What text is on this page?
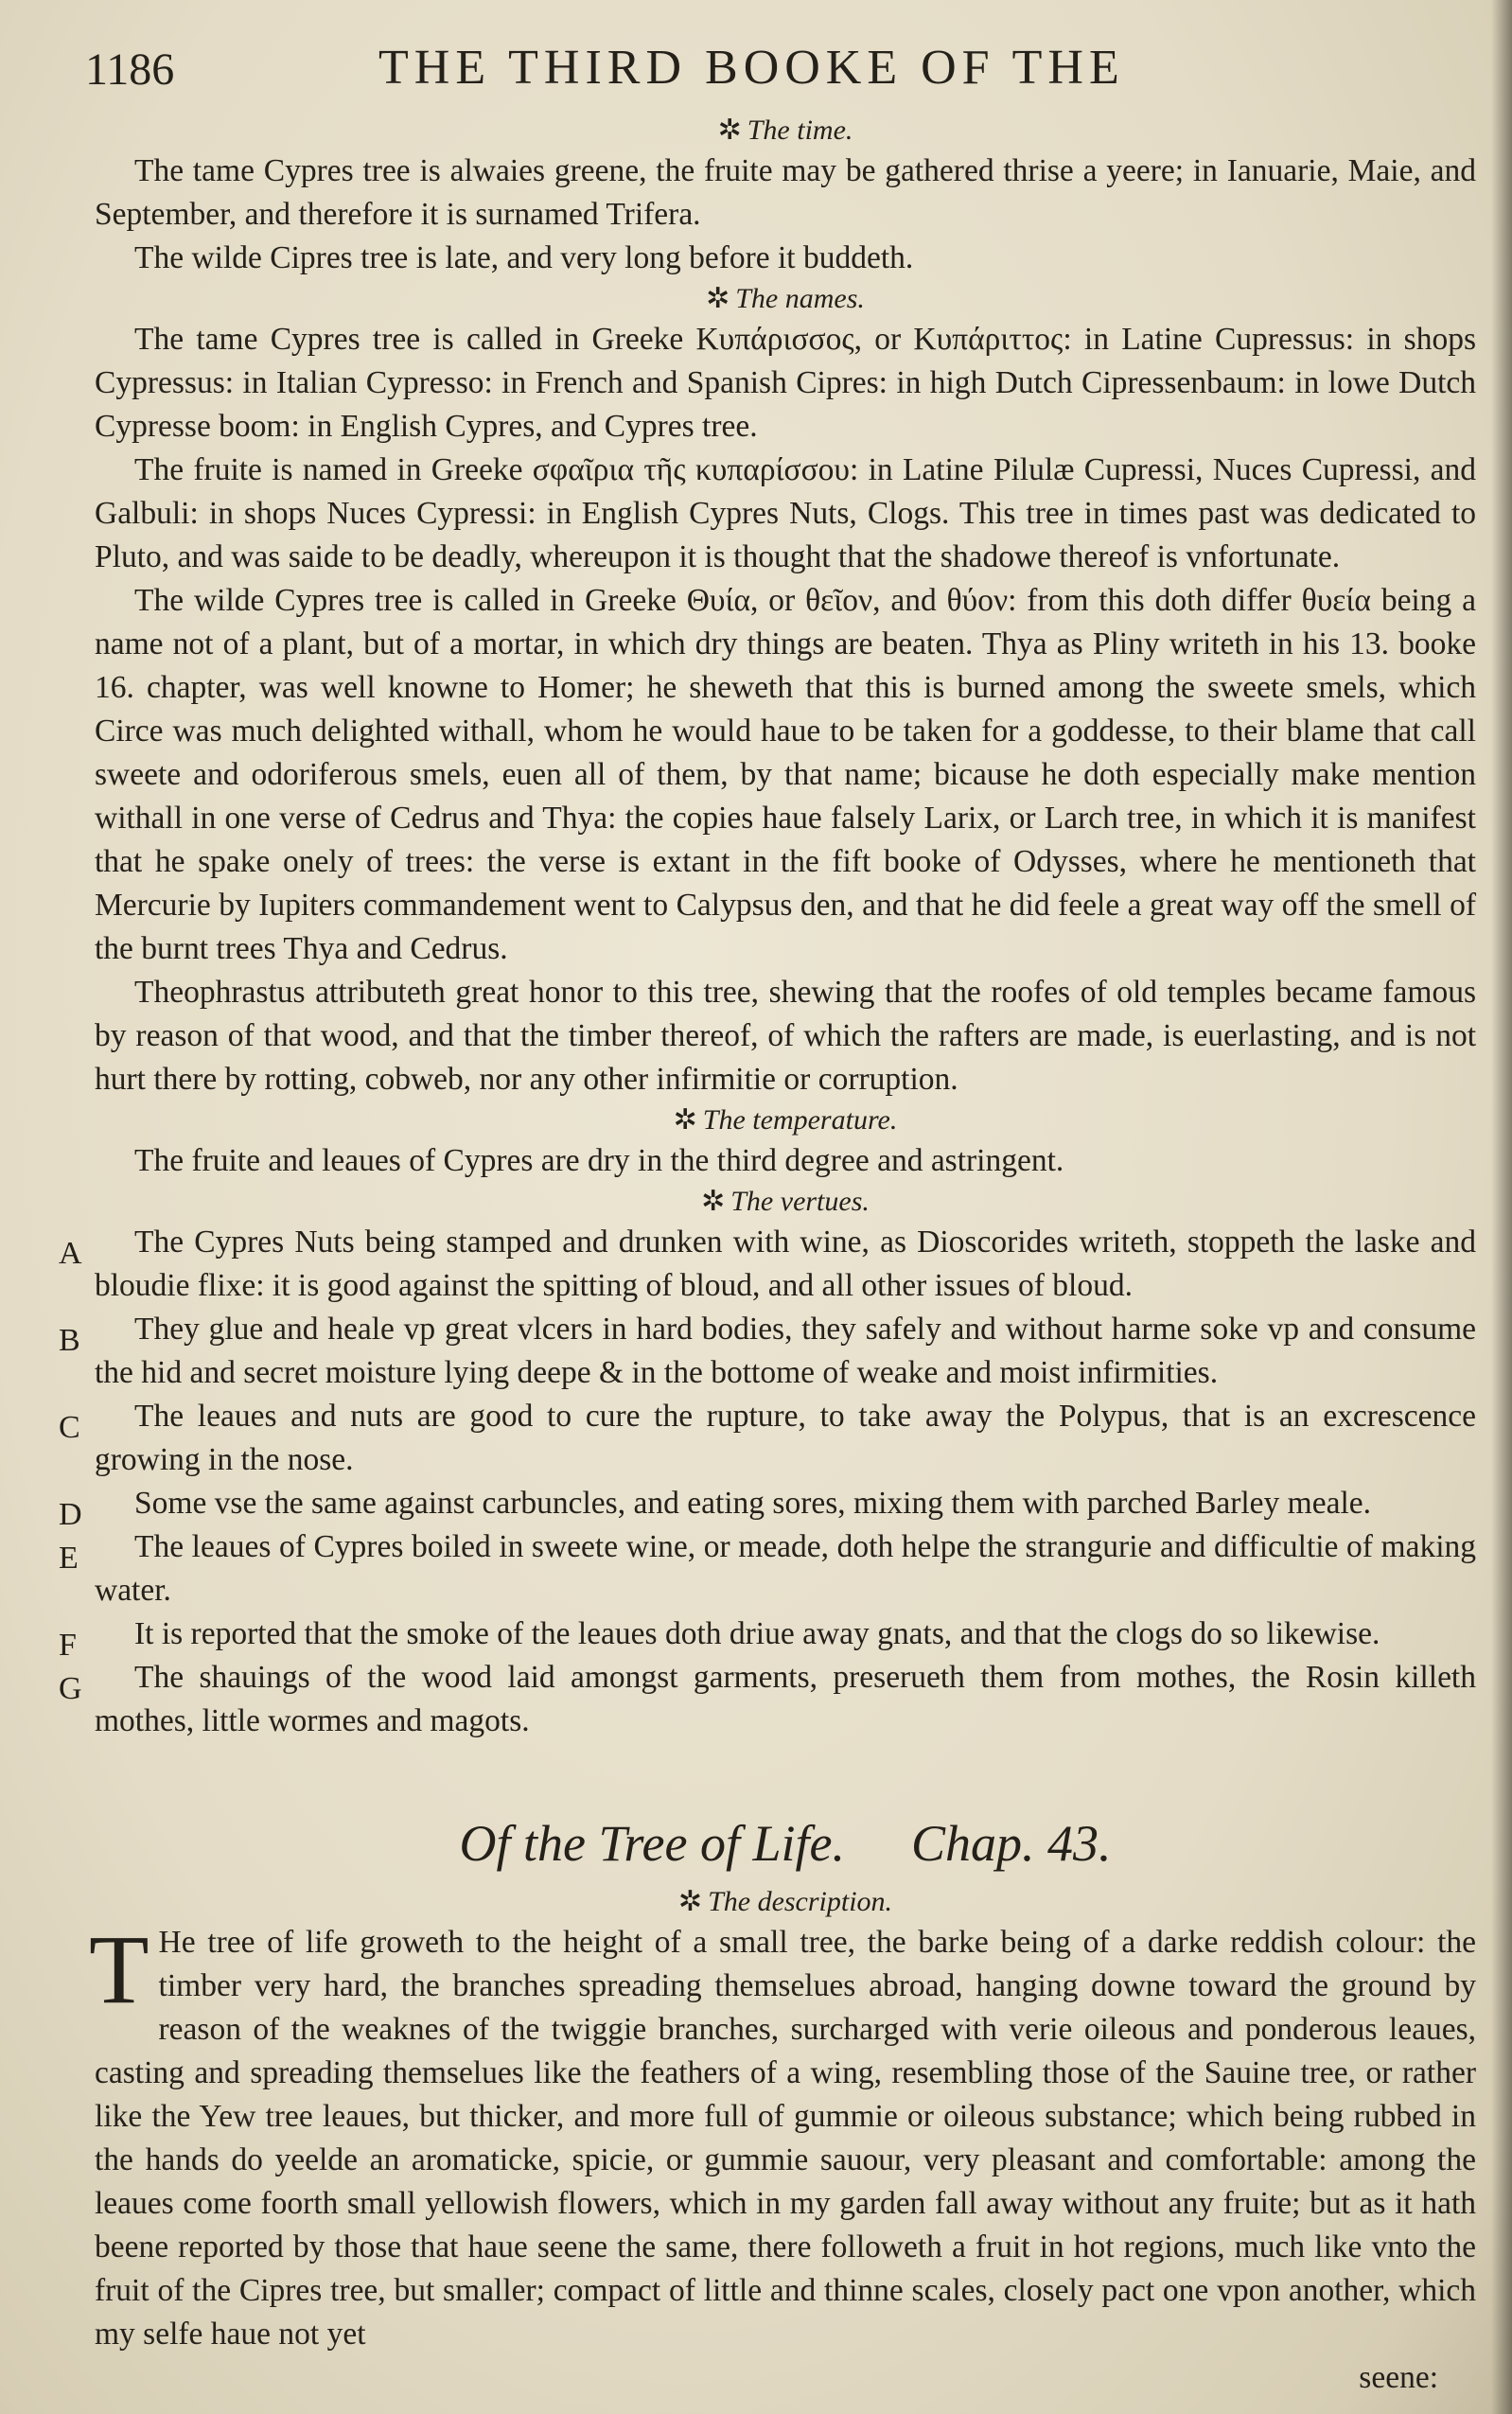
1186	THE THIRD BOOKE OF THE
✲ The time.

The tame Cypres tree is alwaies greene, the fruite may be gathered thrise a yeere; in Ianuarie, Maie, and September, and therefore it is surnamed Trifera.

The wilde Cipres tree is late, and very long before it buddeth.

✲ The names.

The tame Cypres tree is called in Greeke Κυπάρισσος, or Κυπάριττος: in Latine Cupressus: in shops Cypressus: in Italian Cypresso: in French and Spanish Cipres: in high Dutch Cipressenbaum: in lowe Dutch Cypresse boom: in English Cypres, and Cypres tree.

The fruite is named in Greeke σφαῖρια τῆς κυπαρίσσου: in Latine Pilulæ Cupressi, Nuces Cupressi, and Galbuli: in shops Nuces Cypressi: in English Cypres Nuts, Clogs. This tree in times past was dedicated to Pluto, and was saide to be deadly, whereupon it is thought that the shadowe thereof is vnfortunate.

The wilde Cypres tree is called in Greeke Θυία, or θεῖον, and θύον: from this doth differ θυεία being a name not of a plant, but of a mortar, in which dry things are beaten. Thya as Pliny writeth in his 13. booke 16. chapter, was well knowne to Homer; he sheweth that this is burned among the sweete smels, which Circe was much delighted withall, whom he would haue to be taken for a goddesse, to their blame that call sweete and odoriferous smels, euen all of them, by that name; bicause he doth especially make mention withall in one verse of Cedrus and Thya: the copies haue falsely Larix, or Larch tree, in which it is manifest that he spake onely of trees: the verse is extant in the fift booke of Odysses, where he mentioneth that Mercurie by Iupiters commandement went to Calypsus den, and that he did feele a great way off the smell of the burnt trees Thya and Cedrus.

Theophrastus attributeth great honor to this tree, shewing that the roofes of old temples became famous by reason of that wood, and that the timber thereof, of which the rafters are made, is euerlasting, and is not hurt there by rotting, cobweb, nor any other infirmitie or corruption.

✲ The temperature.

The fruite and leaues of Cypres are dry in the third degree and astringent.

✲ The vertues.
A	The Cypres Nuts being stamped and drunken with wine, as Dioscorides writeth, stoppeth the laske and bloudie flixe: it is good against the spitting of bloud, and all other issues of bloud.

B	They glue and heale vp great vlcers in hard bodies, they safely and without harme soke vp and consume the hid and secret moisture lying deepe & in the bottome of weake and moist infirmities.

C	The leaues and nuts are good to cure the rupture, to take away the Polypus, that is an excrescence growing in the nose.

D	Some vse the same against carbuncles, and eating sores, mixing them with parched Barley meale.

E	The leaues of Cypres boiled in sweete wine, or meade, doth helpe the strangurie and difficultie of making water.

F	It is reported that the smoke of the leaues doth driue away gnats, and that the clogs do so likewise.

G	The shauings of the wood laid amongst garments, preserueth them from mothes, the Rosin killeth mothes, little wormes and magots.

Of the Tree of Life. Chap. 43.
✲ The description.

T He tree of life groweth to the height of a small tree, the barke being of a darke reddish colour: the timber very hard, the branches spreading themselues abroad, hanging downe toward the ground by reason of the weaknes of the twiggie branches, surcharged with verie oileous and ponderous leaues, casting and spreading themselues like the feathers of a wing, resembling those of the Sauine tree, or rather like the Yew tree leaues, but thicker, and more full of gummie or oileous substance; which being rubbed in the hands do yeelde an aromaticke, spicie, or gummie sauour, very pleasant and comfortable: among the leaues come foorth small yellowish flowers, which in my garden fall away without any fruite; but as it hath beene reported by those that haue seene the same, there followeth a fruit in hot regions, much like vnto the fruit of the Cipres tree, but smaller; compact of little and thinne scales, closely pact one vpon another, which my selfe haue not yet

seene:
